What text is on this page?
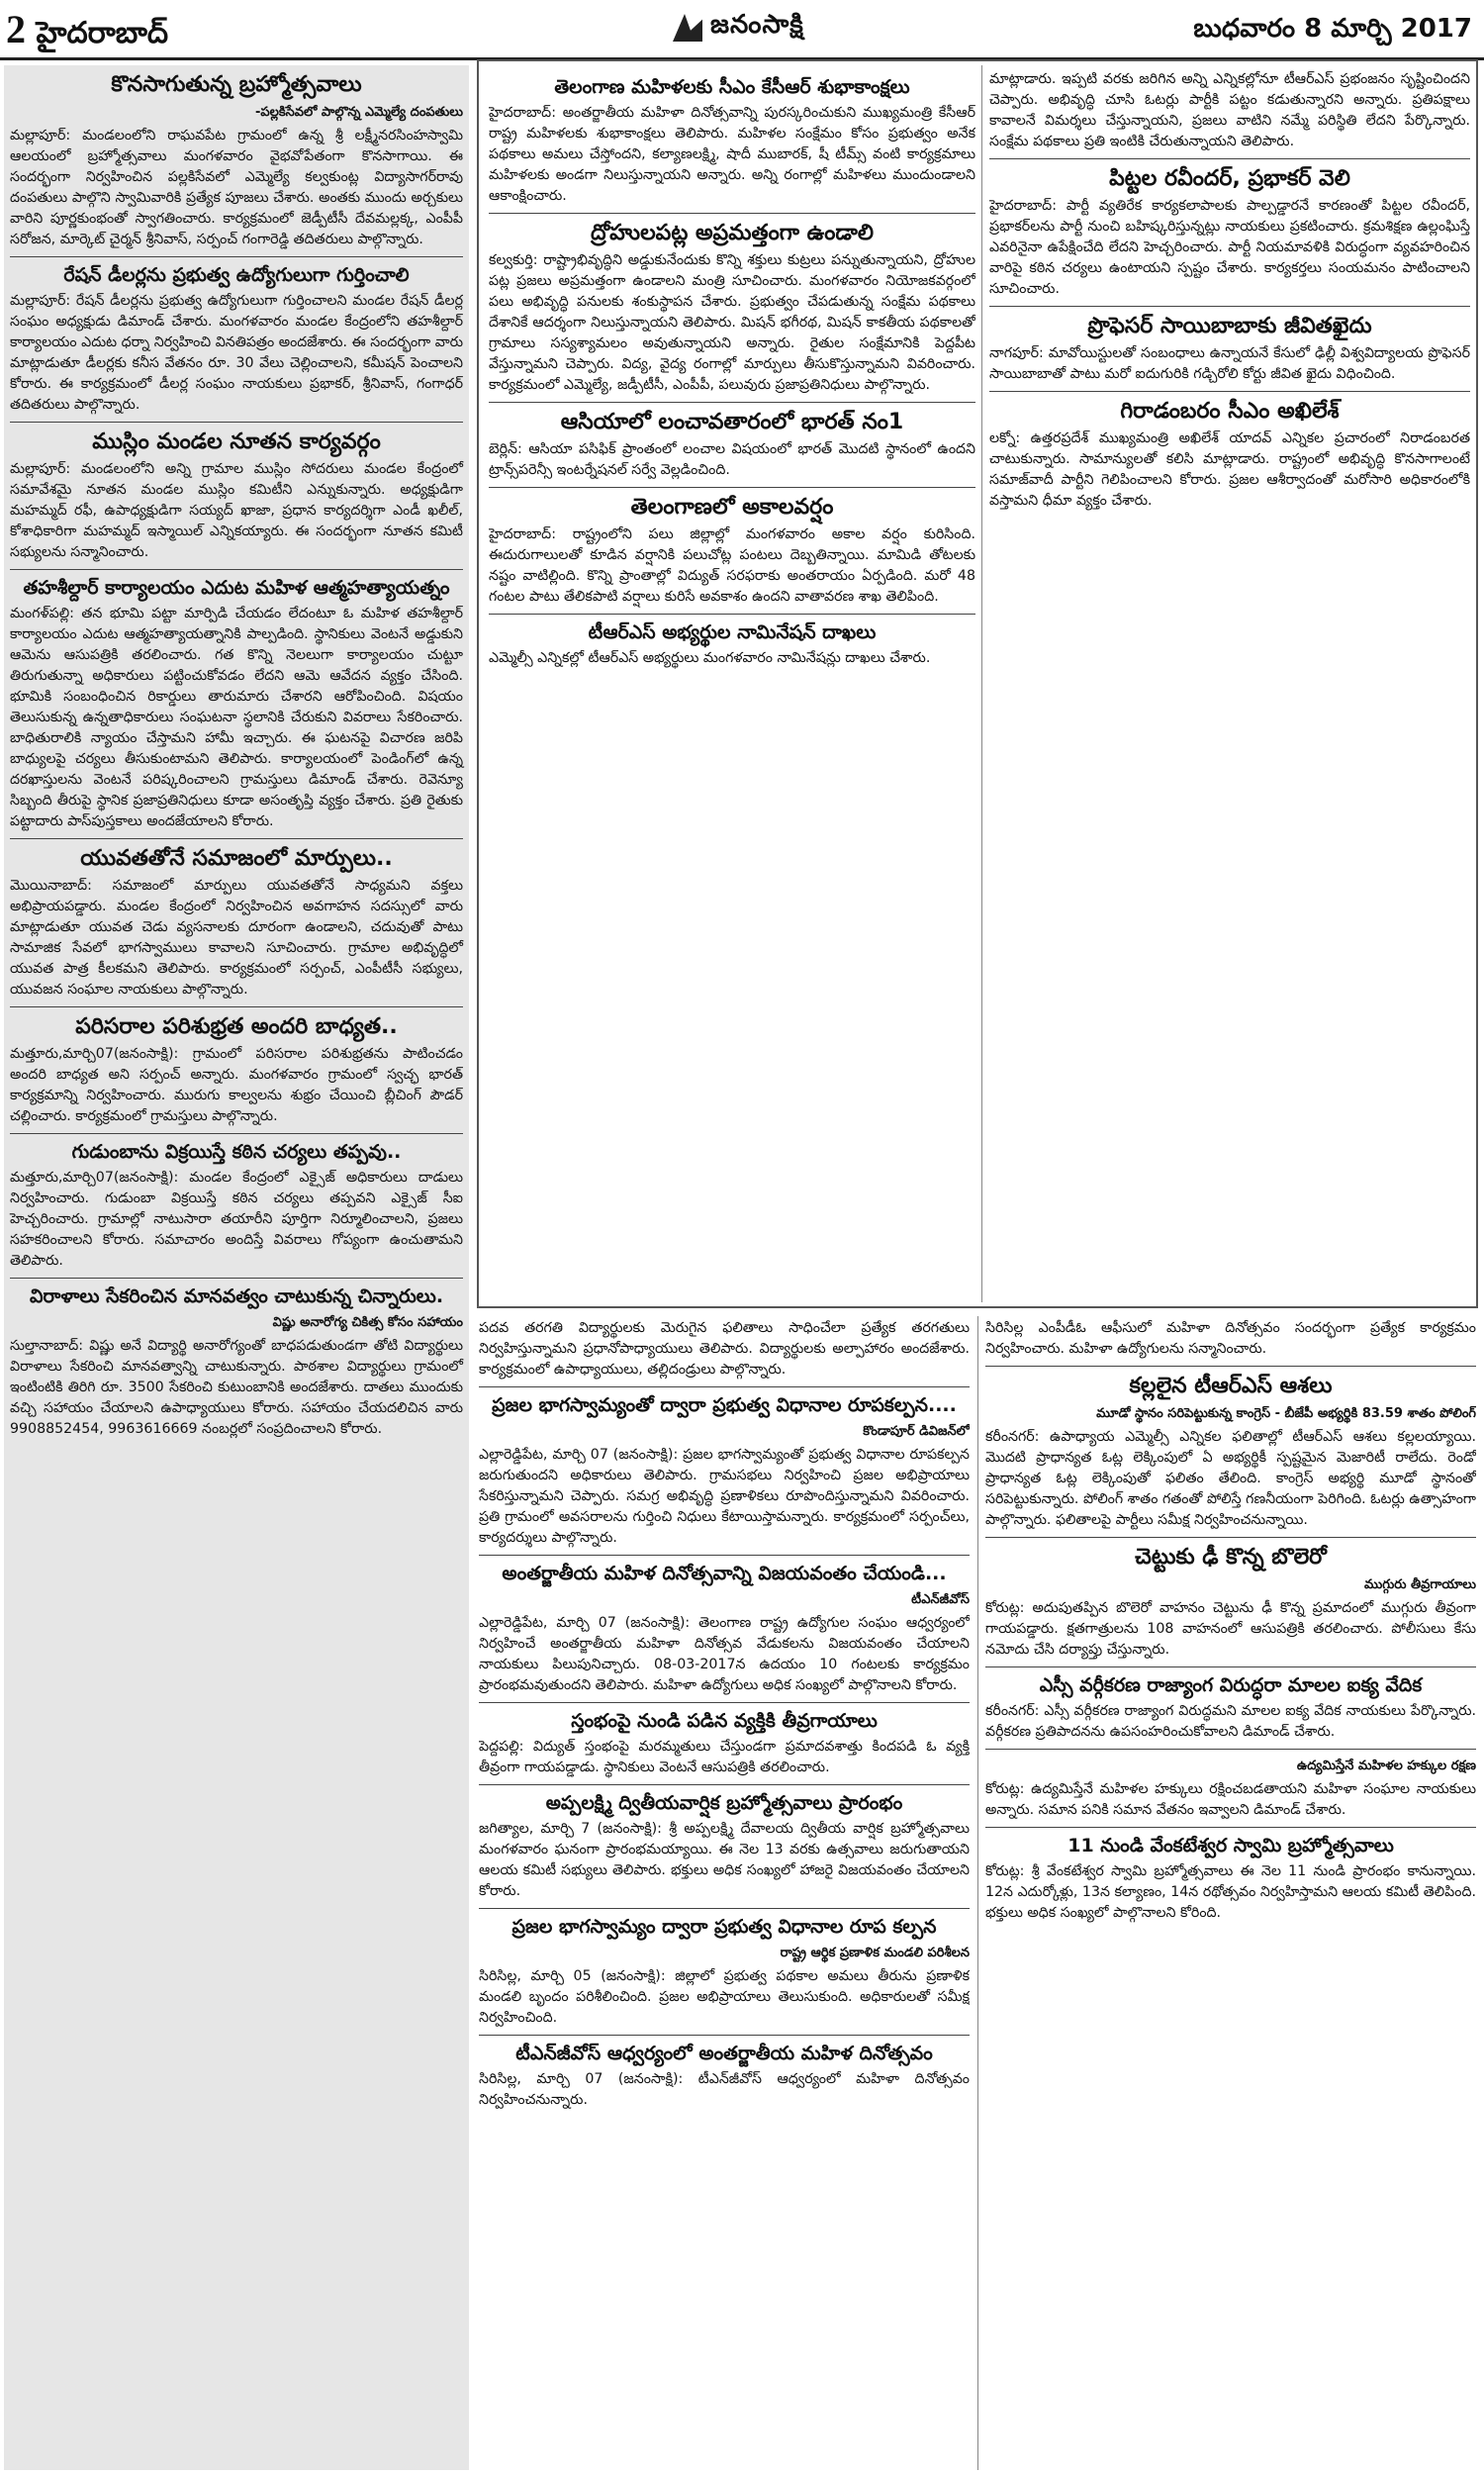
2 హైదరాబాద్	జనంసాక్షి	బుధవారం 8 మార్చి 2017
కొనసాగుతున్న బ్రహ్మోత్సవాలు
-పల్లకిసేవలో పాల్గొన్న ఎమ్మెల్యే దంపతులు

మల్లాపూర్‌: మండలంలోని రాఘవపేట గ్రామంలో ఉన్న శ్రీ లక్ష్మీనరసింహస్వామి ఆలయంలో బ్రహ్మోత్సవాలు మంగళవారం వైభవోపేతంగా కొనసాగాయి. ఈ సందర్భంగా నిర్వహించిన పల్లకిసేవలో ఎమ్మెల్యే కల్వకుంట్ల విద్యాసాగర్‌రావు దంపతులు పాల్గొని స్వామివారికి ప్రత్యేక పూజలు చేశారు. అంతకు ముందు అర్చకులు వారిని పూర్ణకుంభంతో స్వాగతించారు. కార్యక్రమంలో జెడ్పీటీసీ దేవమల్లక్క, ఎంపీపీ సరోజన, మార్కెట్‌ చైర్మన్‌ శ్రీనివాస్‌, సర్పంచ్‌ గంగారెడ్డి తదితరులు పాల్గొన్నారు.

రేషన్‌ డీలర్లను ప్రభుత్వ ఉద్యోగులుగా గుర్తించాలి

మల్లాపూర్‌: రేషన్‌ డీలర్లను ప్రభుత్వ ఉద్యోగులుగా గుర్తించాలని మండల రేషన్‌ డీలర్ల సంఘం అధ్యక్షుడు డిమాండ్‌ చేశారు. మంగళవారం మండల కేంద్రంలోని తహశీల్దార్‌ కార్యాలయం ఎదుట ధర్నా నిర్వహించి వినతిపత్రం అందజేశారు. ఈ సందర్భంగా వారు మాట్లాడుతూ డీలర్లకు కనీస వేతనం రూ. 30 వేలు చెల్లించాలని, కమీషన్‌ పెంచాలని కోరారు. ఈ కార్యక్రమంలో డీలర్ల సంఘం నాయకులు ప్రభాకర్‌, శ్రీనివాస్‌, గంగాధర్‌ తదితరులు పాల్గొన్నారు.

ముస్లిం మండల నూతన కార్యవర్గం

మల్లాపూర్‌: మండలంలోని అన్ని గ్రామాల ముస్లిం సోదరులు మండల కేంద్రంలో సమావేశమై నూతన మండల ముస్లిం కమిటీని ఎన్నుకున్నారు. అధ్యక్షుడిగా మహమ్మద్‌ రఫీ, ఉపాధ్యక్షుడిగా సయ్యద్‌ ఖాజా, ప్రధాన కార్యదర్శిగా ఎండీ ఖలీల్‌, కోశాధికారిగా మహమ్మద్‌ ఇస్మాయిల్‌ ఎన్నికయ్యారు. ఈ సందర్భంగా నూతన కమిటీ సభ్యులను సన్మానించారు.

తహశీల్దార్‌ కార్యాలయం ఎదుట మహిళ ఆత్మహత్యాయత్నం

మంగళ్‌పల్లి: తన భూమి పట్టా మార్పిడి చేయడం లేదంటూ ఓ మహిళ తహశీల్దార్‌ కార్యాలయం ఎదుట ఆత్మహత్యాయత్నానికి పాల్పడింది. స్థానికులు వెంటనే అడ్డుకుని ఆమెను ఆసుపత్రికి తరలించారు. గత కొన్ని నెలలుగా కార్యాలయం చుట్టూ తిరుగుతున్నా అధికారులు పట్టించుకోవడం లేదని ఆమె ఆవేదన వ్యక్తం చేసింది. భూమికి సంబంధించిన రికార్డులు తారుమారు చేశారని ఆరోపించింది. విషయం తెలుసుకున్న ఉన్నతాధికారులు సంఘటనా స్థలానికి చేరుకుని వివరాలు సేకరించారు. బాధితురాలికి న్యాయం చేస్తామని హామీ ఇచ్చారు. ఈ ఘటనపై విచారణ జరిపి బాధ్యులపై చర్యలు తీసుకుంటామని తెలిపారు. కార్యాలయంలో పెండింగ్‌లో ఉన్న దరఖాస్తులను వెంటనే పరిష్కరించాలని గ్రామస్తులు డిమాండ్‌ చేశారు. రెవెన్యూ సిబ్బంది తీరుపై స్థానిక ప్రజాప్రతినిధులు కూడా అసంతృప్తి వ్యక్తం చేశారు. ప్రతి రైతుకు పట్టాదారు పాస్‌పుస్తకాలు అందజేయాలని కోరారు.

యువతతోనే సమాజంలో మార్పులు..

మొయినాబాద్‌: సమాజంలో మార్పులు యువతతోనే సాధ్యమని వక్తలు అభిప్రాయపడ్డారు. మండల కేంద్రంలో నిర్వహించిన అవగాహన సదస్సులో వారు మాట్లాడుతూ యువత చెడు వ్యసనాలకు దూరంగా ఉండాలని, చదువుతో పాటు సామాజిక సేవలో భాగస్వాములు కావాలని సూచించారు. గ్రామాల అభివృద్ధిలో యువత పాత్ర కీలకమని తెలిపారు. కార్యక్రమంలో సర్పంచ్‌, ఎంపీటీసీ సభ్యులు, యువజన సంఘాల నాయకులు పాల్గొన్నారు.

పరిసరాల పరిశుభ్రత అందరి బాధ్యత..

మత్తూరు,మార్చి07(జనంసాక్షి): గ్రామంలో పరిసరాల పరిశుభ్రతను పాటించడం అందరి బాధ్యత అని సర్పంచ్‌ అన్నారు. మంగళవారం గ్రామంలో స్వచ్ఛ భారత్‌ కార్యక్రమాన్ని నిర్వహించారు. మురుగు కాల్వలను శుభ్రం చేయించి బ్లీచింగ్‌ పౌడర్‌ చల్లించారు. కార్యక్రమంలో గ్రామస్తులు పాల్గొన్నారు.

గుడుంబాను విక్రయిస్తే కఠిన చర్యలు తప్పవు..

మత్తూరు,మార్చి07(జనంసాక్షి): మండల కేంద్రంలో ఎక్సైజ్‌ అధికారులు దాడులు నిర్వహించారు. గుడుంబా విక్రయిస్తే కఠిన చర్యలు తప్పవని ఎక్సైజ్‌ సీఐ హెచ్చరించారు. గ్రామాల్లో నాటుసారా తయారీని పూర్తిగా నిర్మూలించాలని, ప్రజలు సహకరించాలని కోరారు. సమాచారం అందిస్తే వివరాలు గోప్యంగా ఉంచుతామని తెలిపారు.

విరాళాలు సేకరించిన మానవత్వం చాటుకున్న చిన్నారులు.
విష్ణు అనారోగ్య చికిత్స కోసం సహాయం

సుల్తానాబాద్‌: విష్ణు అనే విద్యార్థి అనారోగ్యంతో బాధపడుతుండగా తోటి విద్యార్థులు విరాళాలు సేకరించి మానవత్వాన్ని చాటుకున్నారు. పాఠశాల విద్యార్థులు గ్రామంలో ఇంటింటికి తిరిగి రూ. 3500 సేకరించి కుటుంబానికి అందజేశారు. దాతలు ముందుకు వచ్చి సహాయం చేయాలని ఉపాధ్యాయులు కోరారు. సహాయం చేయదలిచిన వారు 9908852454, 9963616669 నంబర్లలో సంప్రదించాలని కోరారు.

తెలంగాణ మహిళలకు సీఎం కేసీఆర్‌ శుభాకాంక్షలు

హైదరాబాద్‌: అంతర్జాతీయ మహిళా దినోత్సవాన్ని పురస్కరించుకుని ముఖ్యమంత్రి కేసీఆర్‌ రాష్ట్ర మహిళలకు శుభాకాంక్షలు తెలిపారు. మహిళల సంక్షేమం కోసం ప్రభుత్వం అనేక పథకాలు అమలు చేస్తోందని, కల్యాణలక్ష్మి, షాదీ ముబారక్‌, షీ టీమ్స్‌ వంటి కార్యక్రమాలు మహిళలకు అండగా నిలుస్తున్నాయని అన్నారు. అన్ని రంగాల్లో మహిళలు ముందుండాలని ఆకాంక్షించారు.

ద్రోహులపట్ల అప్రమత్తంగా ఉండాలి

కల్వకుర్తి: రాష్ట్రాభివృద్ధిని అడ్డుకునేందుకు కొన్ని శక్తులు కుట్రలు పన్నుతున్నాయని, ద్రోహుల పట్ల ప్రజలు అప్రమత్తంగా ఉండాలని మంత్రి సూచించారు. మంగళవారం నియోజకవర్గంలో పలు అభివృద్ధి పనులకు శంకుస్థాపన చేశారు. ప్రభుత్వం చేపడుతున్న సంక్షేమ పథకాలు దేశానికే ఆదర్శంగా నిలుస్తున్నాయని తెలిపారు. మిషన్‌ భగీరథ, మిషన్‌ కాకతీయ పథకాలతో గ్రామాలు సస్యశ్యామలం అవుతున్నాయని అన్నారు. రైతుల సంక్షేమానికి పెద్దపీట వేస్తున్నామని చెప్పారు. విద్య, వైద్య రంగాల్లో మార్పులు తీసుకొస్తున్నామని వివరించారు. కార్యక్రమంలో ఎమ్మెల్యే, జడ్పీటీసీ, ఎంపీపీ, పలువురు ప్రజాప్రతినిధులు పాల్గొన్నారు.

ఆసియాలో లంచావతారంలో భారత్‌ నం1

బెర్లిన్‌: ఆసియా పసిఫిక్‌ ప్రాంతంలో లంచాల విషయంలో భారత్‌ మొదటి స్థానంలో ఉందని ట్రాన్స్‌పరెన్సీ ఇంటర్నేషనల్‌ సర్వే వెల్లడించింది.

తెలంగాణలో అకాలవర్షం

హైదరాబాద్‌: రాష్ట్రంలోని పలు జిల్లాల్లో మంగళవారం అకాల వర్షం కురిసింది. ఈదురుగాలులతో కూడిన వర్షానికి పలుచోట్ల పంటలు దెబ్బతిన్నాయి. మామిడి తోటలకు నష్టం వాటిల్లింది. కొన్ని ప్రాంతాల్లో విద్యుత్‌ సరఫరాకు అంతరాయం ఏర్పడింది. మరో 48 గంటల పాటు తేలికపాటి వర్షాలు కురిసే అవకాశం ఉందని వాతావరణ శాఖ తెలిపింది.

టీఆర్‌ఎస్‌ అభ్యర్థుల నామినేషన్‌ దాఖలు

ఎమ్మెల్సీ ఎన్నికల్లో టీఆర్‌ఎస్‌ అభ్యర్థులు మంగళవారం నామినేషన్లు దాఖలు చేశారు.

మాట్లాడారు. ఇప్పటి వరకు జరిగిన అన్ని ఎన్నికల్లోనూ టీఆర్‌ఎస్‌ ప్రభంజనం సృష్టించిందని చెప్పారు. అభివృద్ధి చూసి ఓటర్లు పార్టీకి పట్టం కడుతున్నారని అన్నారు. ప్రతిపక్షాలు కావాలనే విమర్శలు చేస్తున్నాయని, ప్రజలు వాటిని నమ్మే పరిస్థితి లేదని పేర్కొన్నారు. సంక్షేమ పథకాలు ప్రతి ఇంటికి చేరుతున్నాయని తెలిపారు.

పిట్టల రవీందర్‌, ప్రభాకర్‌ వెలి

హైదరాబాద్‌: పార్టీ వ్యతిరేక కార్యకలాపాలకు పాల్పడ్డారనే కారణంతో పిట్టల రవీందర్‌, ప్రభాకర్‌లను పార్టీ నుంచి బహిష్కరిస్తున్నట్లు నాయకులు ప్రకటించారు. క్రమశిక్షణ ఉల్లంఘిస్తే ఎవరినైనా ఉపేక్షించేది లేదని హెచ్చరించారు. పార్టీ నియమావళికి విరుద్ధంగా వ్యవహరించిన వారిపై కఠిన చర్యలు ఉంటాయని స్పష్టం చేశారు. కార్యకర్తలు సంయమనం పాటించాలని సూచించారు.

ప్రొఫెసర్‌ సాయిబాబాకు జీవితఖైదు

నాగపూర్‌: మావోయిస్టులతో సంబంధాలు ఉన్నాయనే కేసులో ఢిల్లీ విశ్వవిద్యాలయ ప్రొఫెసర్‌ సాయిబాబాతో పాటు మరో ఐదుగురికి గడ్చిరోలి కోర్టు జీవిత ఖైదు విధించింది.

గిరాడంబరం సీఎం అఖిలేశ్‌

లక్నో: ఉత్తరప్రదేశ్‌ ముఖ్యమంత్రి అఖిలేశ్‌ యాదవ్‌ ఎన్నికల ప్రచారంలో నిరాడంబరత చాటుకున్నారు. సామాన్యులతో కలిసి మాట్లాడారు. రాష్ట్రంలో అభివృద్ధి కొనసాగాలంటే సమాజ్‌వాదీ పార్టీని గెలిపించాలని కోరారు. ప్రజల ఆశీర్వాదంతో మరోసారి అధికారంలోకి వస్తామని ధీమా వ్యక్తం చేశారు.

పదవ తరగతి విద్యార్థులకు మెరుగైన ఫలితాలు సాధించేలా ప్రత్యేక తరగతులు నిర్వహిస్తున్నామని ప్రధానోపాధ్యాయులు తెలిపారు. విద్యార్థులకు అల్పాహారం అందజేశారు. కార్యక్రమంలో ఉపాధ్యాయులు, తల్లిదండ్రులు పాల్గొన్నారు.

ప్రజల భాగస్వామ్యంతో ద్వారా ప్రభుత్వ విధానాల రూపకల్పన....
కొండాపూర్‌ డివిజన్‌లో

ఎల్లారెడ్డిపేట, మార్చి 07 (జనంసాక్షి): ప్రజల భాగస్వామ్యంతో ప్రభుత్వ విధానాల రూపకల్పన జరుగుతుందని అధికారులు తెలిపారు. గ్రామసభలు నిర్వహించి ప్రజల అభిప్రాయాలు సేకరిస్తున్నామని చెప్పారు. సమగ్ర అభివృద్ధి ప్రణాళికలు రూపొందిస్తున్నామని వివరించారు. ప్రతి గ్రామంలో అవసరాలను గుర్తించి నిధులు కేటాయిస్తామన్నారు. కార్యక్రమంలో సర్పంచ్‌లు, కార్యదర్శులు పాల్గొన్నారు.

అంతర్జాతీయ మహిళ దినోత్సవాన్ని విజయవంతం చేయండి...
టీఎన్‌జీవోస్‌

ఎల్లారెడ్డిపేట, మార్చి 07 (జనంసాక్షి): తెలంగాణ రాష్ట్ర ఉద్యోగుల సంఘం ఆధ్వర్యంలో నిర్వహించే అంతర్జాతీయ మహిళా దినోత్సవ వేడుకలను విజయవంతం చేయాలని నాయకులు పిలుపునిచ్చారు. 08-03-2017న ఉదయం 10 గంటలకు కార్యక్రమం ప్రారంభమవుతుందని తెలిపారు. మహిళా ఉద్యోగులు అధిక సంఖ్యలో పాల్గొనాలని కోరారు.

స్తంభంపై నుండి పడిన వ్యక్తికి తీవ్రగాయాలు

పెద్దపల్లి: విద్యుత్‌ స్తంభంపై మరమ్మతులు చేస్తుండగా ప్రమాదవశాత్తు కిందపడి ఓ వ్యక్తి తీవ్రంగా గాయపడ్డాడు. స్థానికులు వెంటనే ఆసుపత్రికి తరలించారు.

అప్పలక్ష్మి ద్వితీయవార్షిక బ్రహ్మోత్సవాలు ప్రారంభం

జగిత్యాల, మార్చి 7 (జనంసాక్షి): శ్రీ అప్పలక్ష్మి దేవాలయ ద్వితీయ వార్షిక బ్రహ్మోత్సవాలు మంగళవారం ఘనంగా ప్రారంభమయ్యాయి. ఈ నెల 13 వరకు ఉత్సవాలు జరుగుతాయని ఆలయ కమిటీ సభ్యులు తెలిపారు. భక్తులు అధిక సంఖ్యలో హాజరై విజయవంతం చేయాలని కోరారు.

ప్రజల భాగస్వామ్యం ద్వారా ప్రభుత్వ విధానాల రూప కల్పన
రాష్ట్ర ఆర్థిక ప్రణాళిక మండలి పరిశీలన

సిరిసిల్ల, మార్చి 05 (జనంసాక్షి): జిల్లాలో ప్రభుత్వ పథకాల అమలు తీరును ప్రణాళిక మండలి బృందం పరిశీలించింది. ప్రజల అభిప్రాయాలు తెలుసుకుంది. అధికారులతో సమీక్ష నిర్వహించింది.

టీఎన్‌జీవోస్‌ ఆధ్వర్యంలో అంతర్జాతీయ మహిళ దినోత్సవం

సిరిసిల్ల, మార్చి 07 (జనంసాక్షి): టీఎన్‌జీవోస్‌ ఆధ్వర్యంలో మహిళా దినోత్సవం నిర్వహించనున్నారు.

సిరిసిల్ల ఎంపీడీఓ ఆఫీసులో మహిళా దినోత్సవం సందర్భంగా ప్రత్యేక కార్యక్రమం నిర్వహించారు. మహిళా ఉద్యోగులను సన్మానించారు.

కల్లలైన టీఆర్‌ఎస్‌ ఆశలు
మూడో స్థానం సరిపెట్టుకున్న కాంగ్రెస్‌ - బీజేపీ అభ్యర్థికి 83.59 శాతం పోలింగ్‌

కరీంనగర్‌: ఉపాధ్యాయ ఎమ్మెల్సీ ఎన్నికల ఫలితాల్లో టీఆర్‌ఎస్‌ ఆశలు కల్లలయ్యాయి. మొదటి ప్రాధాన్యత ఓట్ల లెక్కింపులో ఏ అభ్యర్థికీ స్పష్టమైన మెజారిటీ రాలేదు. రెండో ప్రాధాన్యత ఓట్ల లెక్కింపుతో ఫలితం తేలింది. కాంగ్రెస్‌ అభ్యర్థి మూడో స్థానంతో సరిపెట్టుకున్నారు. పోలింగ్‌ శాతం గతంతో పోలిస్తే గణనీయంగా పెరిగింది. ఓటర్లు ఉత్సాహంగా పాల్గొన్నారు. ఫలితాలపై పార్టీలు సమీక్ష నిర్వహించనున్నాయి.

చెట్టుకు ఢీ కొన్న బొలెరో
ముగ్గురు తీవ్రగాయాలు

కోరుట్ల: అదుపుతప్పిన బొలెరో వాహనం చెట్టును ఢీ కొన్న ప్రమాదంలో ముగ్గురు తీవ్రంగా గాయపడ్డారు. క్షతగాత్రులను 108 వాహనంలో ఆసుపత్రికి తరలించారు. పోలీసులు కేసు నమోదు చేసి దర్యాప్తు చేస్తున్నారు.

ఎస్సీ వర్గీకరణ రాజ్యాంగ విరుద్ధరా మాలల ఐక్య వేదిక

కరీంనగర్‌: ఎస్సీ వర్గీకరణ రాజ్యాంగ విరుద్ధమని మాలల ఐక్య వేదిక నాయకులు పేర్కొన్నారు. వర్గీకరణ ప్రతిపాదనను ఉపసంహరించుకోవాలని డిమాండ్‌ చేశారు.

ఉద్యమిస్తేనే మహిళల హక్కుల రక్షణ

కోరుట్ల: ఉద్యమిస్తేనే మహిళల హక్కులు రక్షించబడతాయని మహిళా సంఘాల నాయకులు అన్నారు. సమాన పనికి సమాన వేతనం ఇవ్వాలని డిమాండ్‌ చేశారు.

11 నుండి వేంకటేశ్వర స్వామి బ్రహ్మోత్సవాలు

కోరుట్ల: శ్రీ వేంకటేశ్వర స్వామి బ్రహ్మోత్సవాలు ఈ నెల 11 నుండి ప్రారంభం కానున్నాయి. 12న ఎదుర్కోళ్లు, 13న కల్యాణం, 14న రథోత్సవం నిర్వహిస్తామని ఆలయ కమిటీ తెలిపింది. భక్తులు అధిక సంఖ్యలో పాల్గొనాలని కోరింది.
